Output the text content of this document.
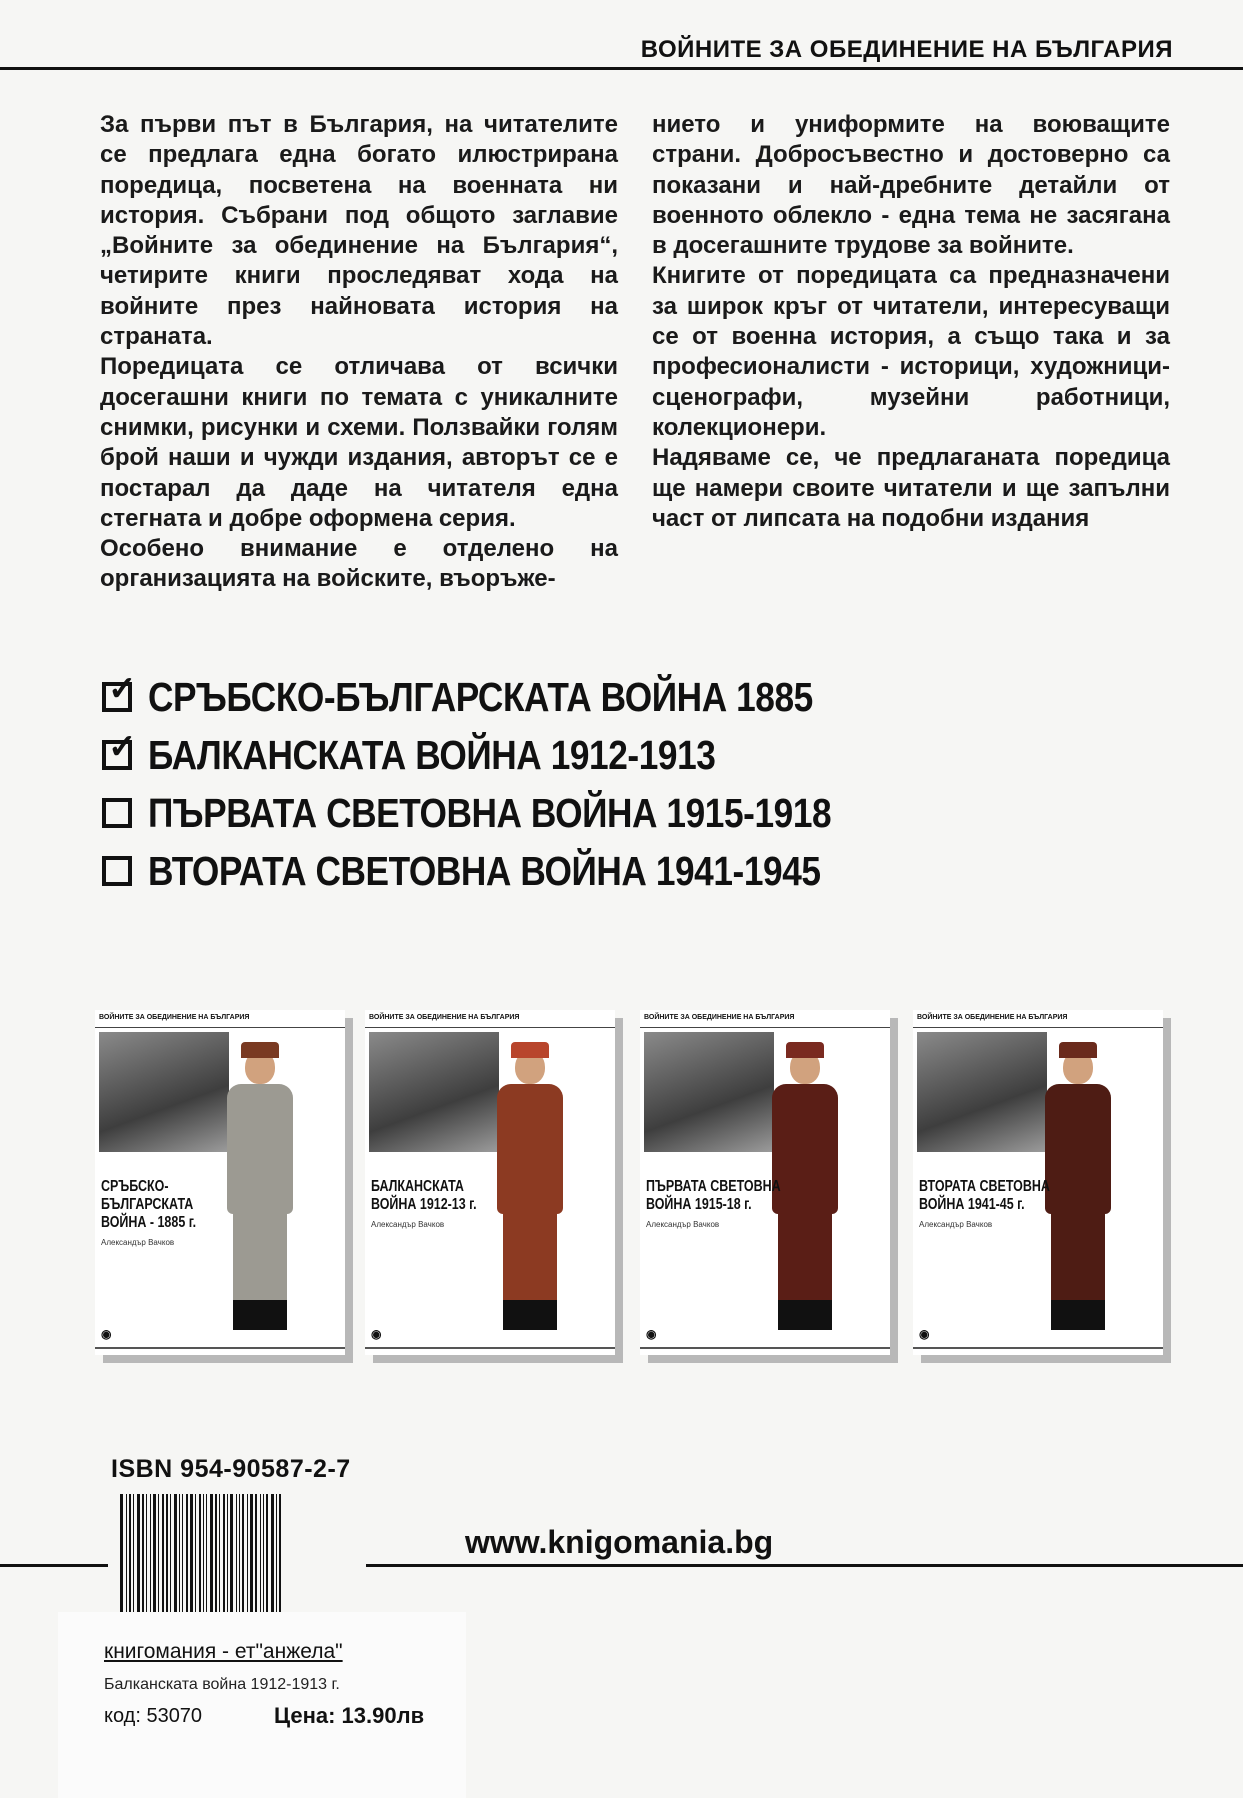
ВОЙНИТЕ ЗА ОБЕДИНЕНИЕ НА БЪЛГАРИЯ

За първи път в България, на читателите се предлага една богато илюстрирана поредица, посветена на военната ни история. Събрани под общото заглавие „Войните за обединение на България“, четирите книги проследяват хода на войните през найновата история на страната.

Поредицата се отличава от всички досегашни книги по темата с уникалните снимки, рисунки и схеми. Ползвайки голям брой наши и чужди издания, авторът се е постарал да даде на читателя една стегната и добре оформена серия.

Особено внимание е отделено на организацията на войските, въоръже-

нието и униформите на воюващите страни. Добросъвестно и достоверно са показани и най-дребните детайли от военното облекло - една тема не засягана в досегашните трудове за войните.

Книгите от поредицата са предназначени за широк кръг от читатели, интересуващи се от военна история, а също така и за професионалисти - историци, художници-сценографи, музейни работници, колекционери.

Надяваме се, че предлаганата поредица ще намери своите читатели и ще запълни част от липсата на подобни издания

✓ СРЪБСКО-БЪЛГАРСКАТА ВОЙНА 1885
✓ БАЛКАНСКАТА ВОЙНА 1912-1913
ПЪРВАТА СВЕТОВНА ВОЙНА 1915-1918
ВТОРАТА СВЕТОВНА ВОЙНА 1941-1945
ВОЙНИТЕ ЗА ОБЕДИНЕНИЕ НА БЪЛГАРИЯ
СРЪБСКО-
БЪЛГАРСКАТА
ВОЙНА - 1885 г.
Александър Вачков
◉
ВОЙНИТЕ ЗА ОБЕДИНЕНИЕ НА БЪЛГАРИЯ
БАЛКАНСКАТА
ВОЙНА 1912-13 г.
Александър Вачков
◉
ВОЙНИТЕ ЗА ОБЕДИНЕНИЕ НА БЪЛГАРИЯ
ПЪРВАТА СВЕТОВНА
ВОЙНА 1915-18 г.
Александър Вачков
◉
ВОЙНИТЕ ЗА ОБЕДИНЕНИЕ НА БЪЛГАРИЯ
ВТОРАТА СВЕТОВНА
ВОЙНА 1941-45 г.
Александър Вачков
◉
ISBN 954-90587-2-7
www.knigomania.bg
книгомания - ет"анжела"
Балканската война 1912-1913 г.
код: 53070	Цена: 13.90лв
